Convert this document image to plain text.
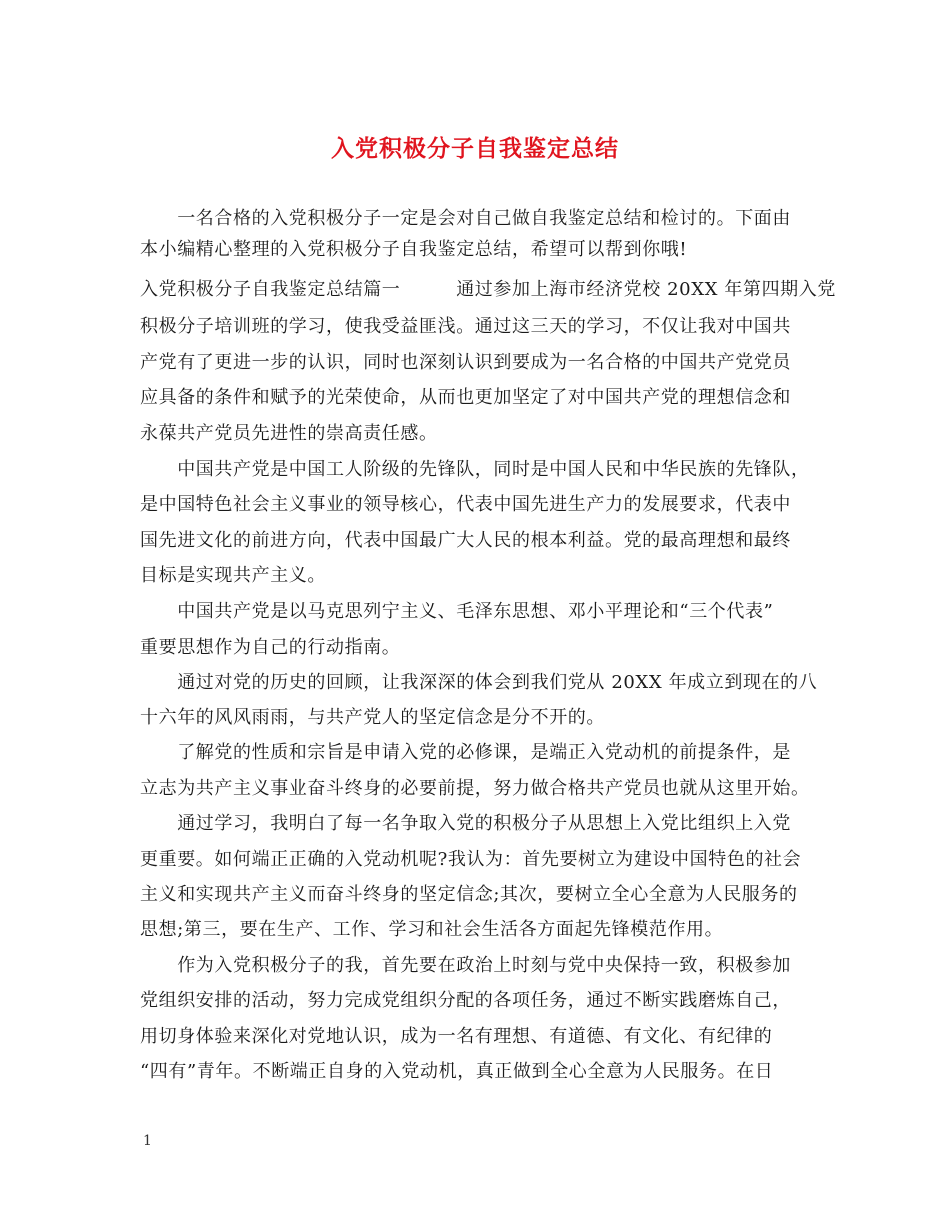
入党积极分子自我鉴定总结
　　一名合格的入党积极分子一定是会对自己做自我鉴定总结和检讨的。下面由
本小编精心整理的入党积极分子自我鉴定总结，希望可以帮到你哦!
入党积极分子自我鉴定总结篇一　　　通过参加上海市经济党校 20XX 年第四期入党
积极分子培训班的学习，使我受益匪浅。通过这三天的学习，不仅让我对中国共
产党有了更进一步的认识，同时也深刻认识到要成为一名合格的中国共产党党员
应具备的条件和赋予的光荣使命，从而也更加坚定了对中国共产党的理想信念和
永葆共产党员先进性的崇高责任感。
　　中国共产党是中国工人阶级的先锋队，同时是中国人民和中华民族的先锋队，
是中国特色社会主义事业的领导核心，代表中国先进生产力的发展要求，代表中
国先进文化的前进方向，代表中国最广大人民的根本利益。党的最高理想和最终
目标是实现共产主义。
　　中国共产党是以马克思列宁主义、毛泽东思想、邓小平理论和“三个代表”
重要思想作为自己的行动指南。
　　通过对党的历史的回顾，让我深深的体会到我们党从 20XX 年成立到现在的八
十六年的风风雨雨，与共产党人的坚定信念是分不开的。
　　了解党的性质和宗旨是申请入党的必修课，是端正入党动机的前提条件，是
立志为共产主义事业奋斗终身的必要前提，努力做合格共产党员也就从这里开始。
　　通过学习，我明白了每一名争取入党的积极分子从思想上入党比组织上入党
更重要。如何端正正确的入党动机呢?我认为：首先要树立为建设中国特色的社会
主义和实现共产主义而奋斗终身的坚定信念;其次，要树立全心全意为人民服务的
思想;第三，要在生产、工作、学习和社会生活各方面起先锋模范作用。
　　作为入党积极分子的我，首先要在政治上时刻与党中央保持一致，积极参加
党组织安排的活动，努力完成党组织分配的各项任务，通过不断实践磨炼自己，
用切身体验来深化对党地认识，成为一名有理想、有道德、有文化、有纪律的
“四有”青年。不断端正自身的入党动机，真正做到全心全意为人民服务。在日
1
